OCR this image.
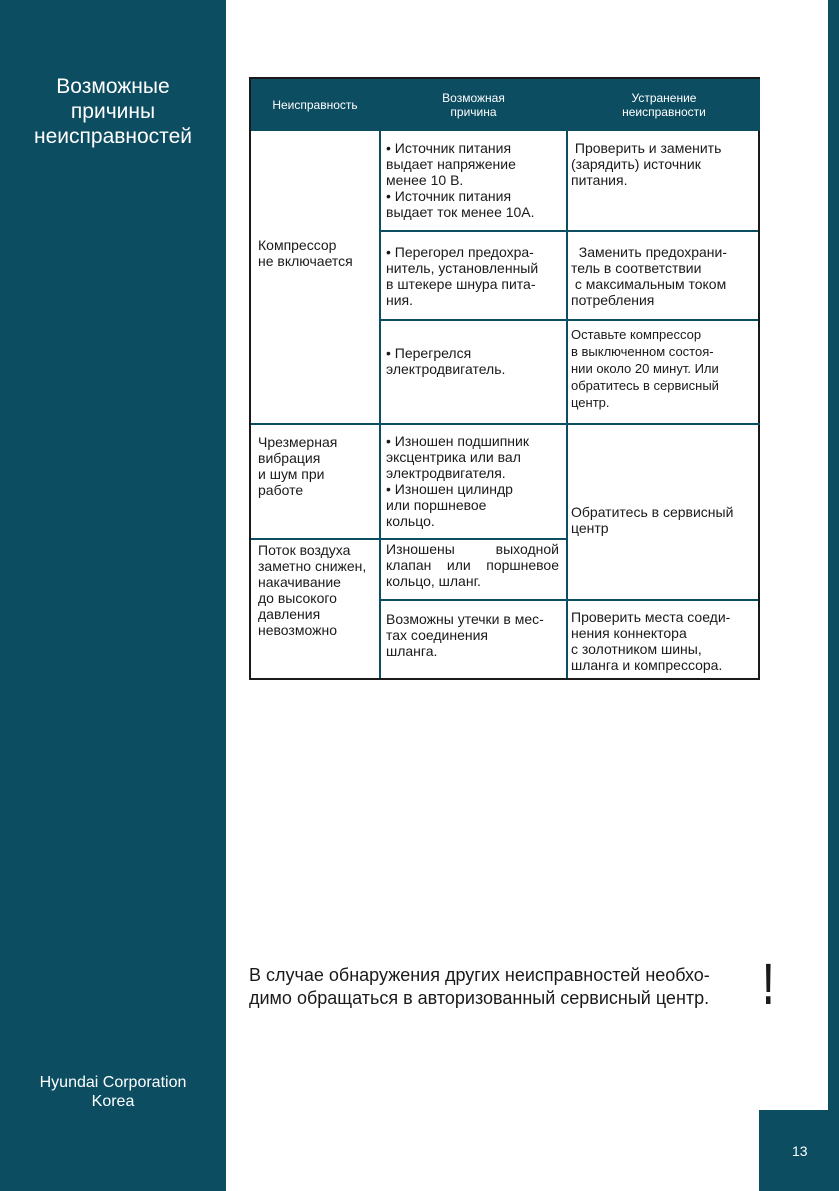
Возможные
причины
неисправностей
Hyundai Corporation
Korea
13
Неисправность	Возможная
причина
Устранение
неисправности
Компрессор
не включается
Чрезмерная
вибрация
и шум при
работе
Поток воздуха
заметно снижен,
накачивание
до высокого
давления
невозможно
• Источник питания
выдает напряжение
менее 10 В.
• Источник питания
выдает ток менее 10А.
• Перегорел предохра-
нитель, установленный
в штекере шнура пита-
ния.
• Перегрелся
электродвигатель.
• Изношен подшипник
эксцентрика или вал
электродвигателя.
• Изношен цилиндр
или поршневое
кольцо.
Изношены выходной
клапан или поршневое
кольцо, шланг.
Возможны утечки в мес-
тах соединения
шланга.
Проверить и заменить
(зарядить) источник
питания.
Заменить предохрани-
тель в соответствии
с максимальным током
потребления
Оставьте компрессор
в выключенном состоя-
нии около 20 минут. Или
обратитесь в сервисный
центр.
Обратитесь в сервисный
центр
Проверить места соеди-
нения коннектора
с золотником шины,
шланга и компрессора.
В случае обнаружения других неисправностей необхо-
димо обращаться в авторизованный сервисный центр. !
